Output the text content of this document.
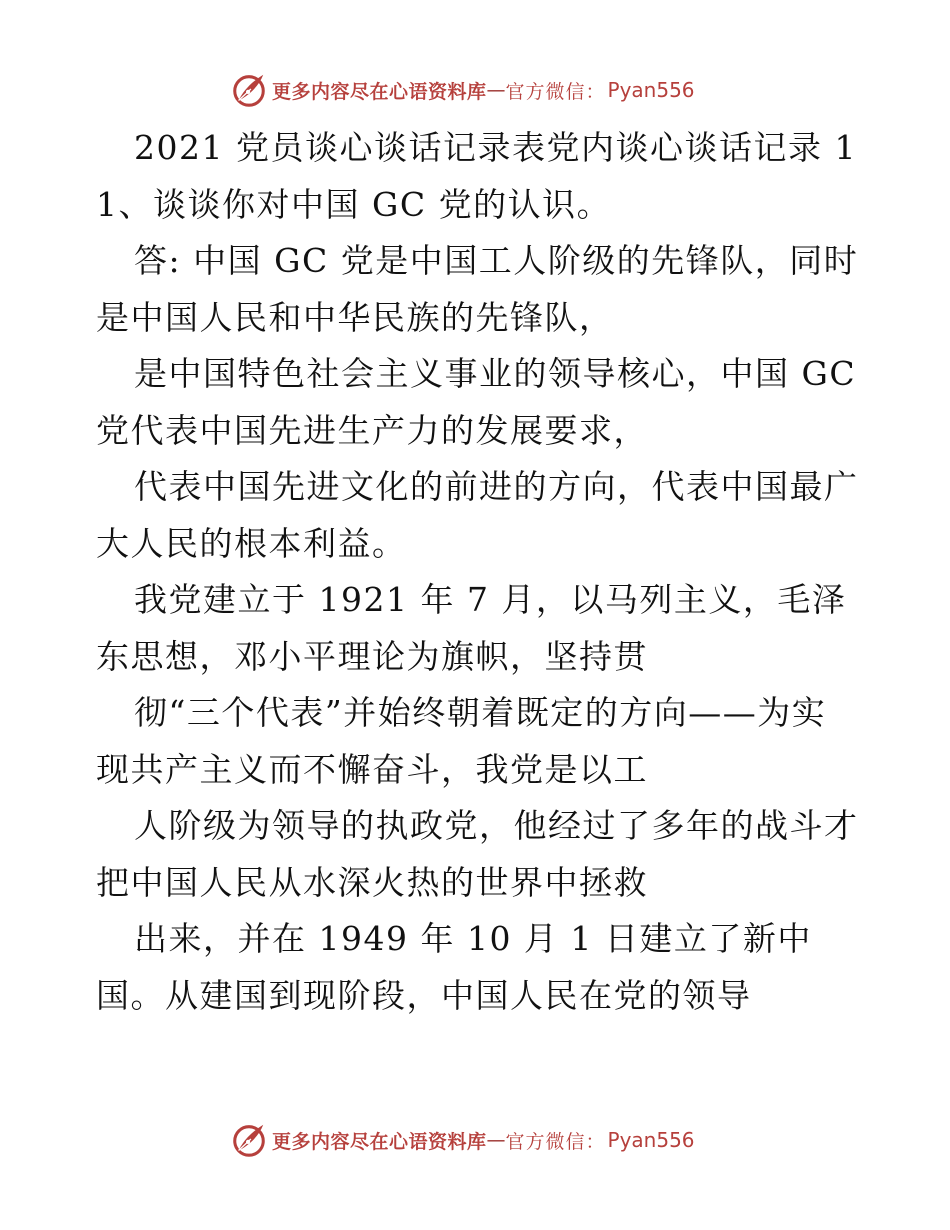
更多内容尽在心语资料库 — 官方微信： Pyan556
2021 党员谈心谈话记录表党内谈心谈话记录 1
1、谈谈你对中国 GC 党的认识。
答: 中国 GC 党是中国工人阶级的先锋队，同时
是中国人民和中华民族的先锋队，
是中国特色社会主义事业的领导核心，中国 GC
党代表中国先进生产力的发展要求，
代表中国先进文化的前进的方向，代表中国最广
大人民的根本利益。
我党建立于 1921 年 7 月，以马列主义，毛泽
东思想，邓小平理论为旗帜，坚持贯
彻“三个代表”并始终朝着既定的方向——为实
现共产主义而不懈奋斗，我党是以工
人阶级为领导的执政党，他经过了多年的战斗才
把中国人民从水深火热的世界中拯救
出来，并在 1949 年 10 月 1 日建立了新中
国。从建国到现阶段，中国人民在党的领导
更多内容尽在心语资料库 — 官方微信： Pyan556
